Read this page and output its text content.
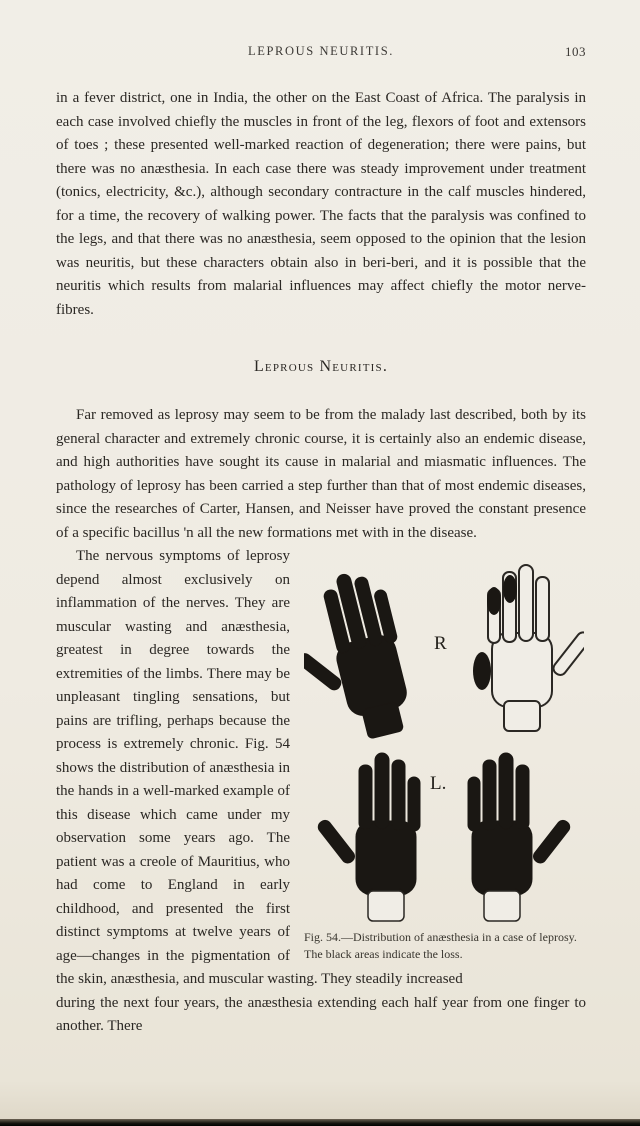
LEPROUS NEURITIS.	103

in a fever district, one in India, the other on the East Coast of Africa. The paralysis in each case involved chiefly the muscles in front of the leg, flexors of foot and extensors of toes ; these presented well-marked reaction of degeneration; there were pains, but there was no anæsthesia. In each case there was steady improvement under treatment (tonics, electricity, &c.), although secondary contracture in the calf muscles hindered, for a time, the recovery of walking power. The facts that the paralysis was confined to the legs, and that there was no anæsthesia, seem opposed to the opinion that the lesion was neuritis, but these characters obtain also in beri-beri, and it is possible that the neuritis which results from malarial influences may affect chiefly the motor nerve-fibres.

Leprous Neuritis.

Far removed as leprosy may seem to be from the malady last described, both by its general character and extremely chronic course, it is certainly also an endemic disease, and high authorities have sought its cause in malarial and miasmatic influences. The pathology of leprosy has been carried a step further than that of most endemic diseases, since the researches of Carter, Hansen, and Neisser have proved the constant presence of a specific bacillus 'n all the new formations met with in the disease.

R
L.
Fig. 54.—Distribution of anæsthesia in a case of leprosy. The black areas indicate the loss.

The nervous symptoms of leprosy depend almost exclusively on inflammation of the nerves. They are muscular wasting and anæsthesia, greatest in degree towards the extremities of the limbs. There may be unpleasant tingling sensations, but pains are trifling, perhaps because the process is extremely chronic. Fig. 54 shows the distribution of anæsthesia in the hands in a well-marked example of this disease which came under my observation some years ago. The patient was a creole of Mauritius, who had come to England in early childhood, and presented the first distinct symptoms at twelve years of age—changes in the pigmentation of the skin, anæsthesia, and muscular wasting. They steadily increased

during the next four years, the anæsthesia extending each half year from one finger to another. There
